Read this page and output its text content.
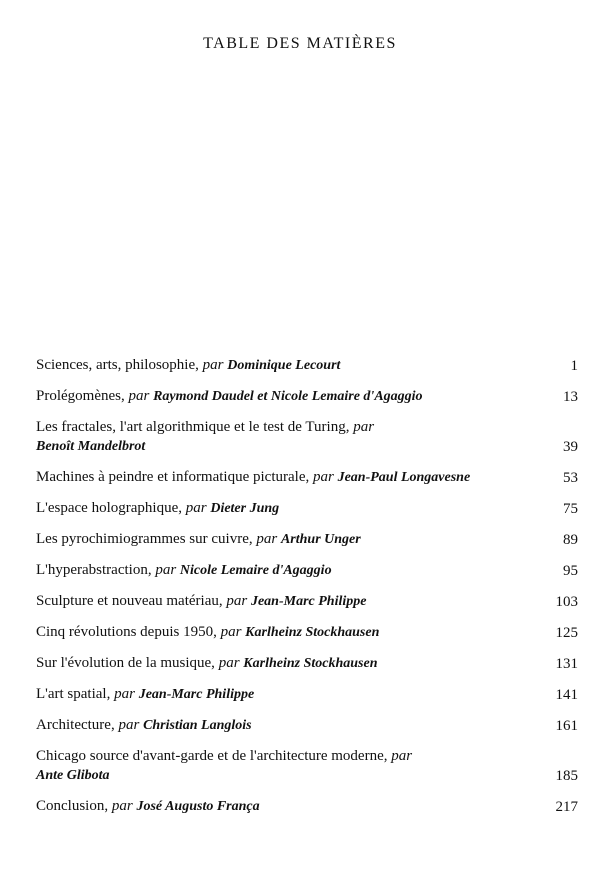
TABLE DES MATIÈRES
Sciences, arts, philosophie, par Dominique Lecourt	1
Prolégomènes, par Raymond Daudel et Nicole Lemaire d'Agaggio	13
Les fractales, l'art algorithmique et le test de Turing, par
Benoît Mandelbrot	39
Machines à peindre et informatique picturale, par Jean-Paul Longavesne	53
L'espace holographique, par Dieter Jung	75
Les pyrochimiogrammes sur cuivre, par Arthur Unger	89
L'hyperabstraction, par Nicole Lemaire d'Agaggio	95
Sculpture et nouveau matériau, par Jean-Marc Philippe	103
Cinq révolutions depuis 1950, par Karlheinz Stockhausen	125
Sur l'évolution de la musique, par Karlheinz Stockhausen	131
L'art spatial, par Jean-Marc Philippe	141
Architecture, par Christian Langlois	161
Chicago source d'avant-garde et de l'architecture moderne, par
Ante Glibota	185
Conclusion, par José Augusto França	217
